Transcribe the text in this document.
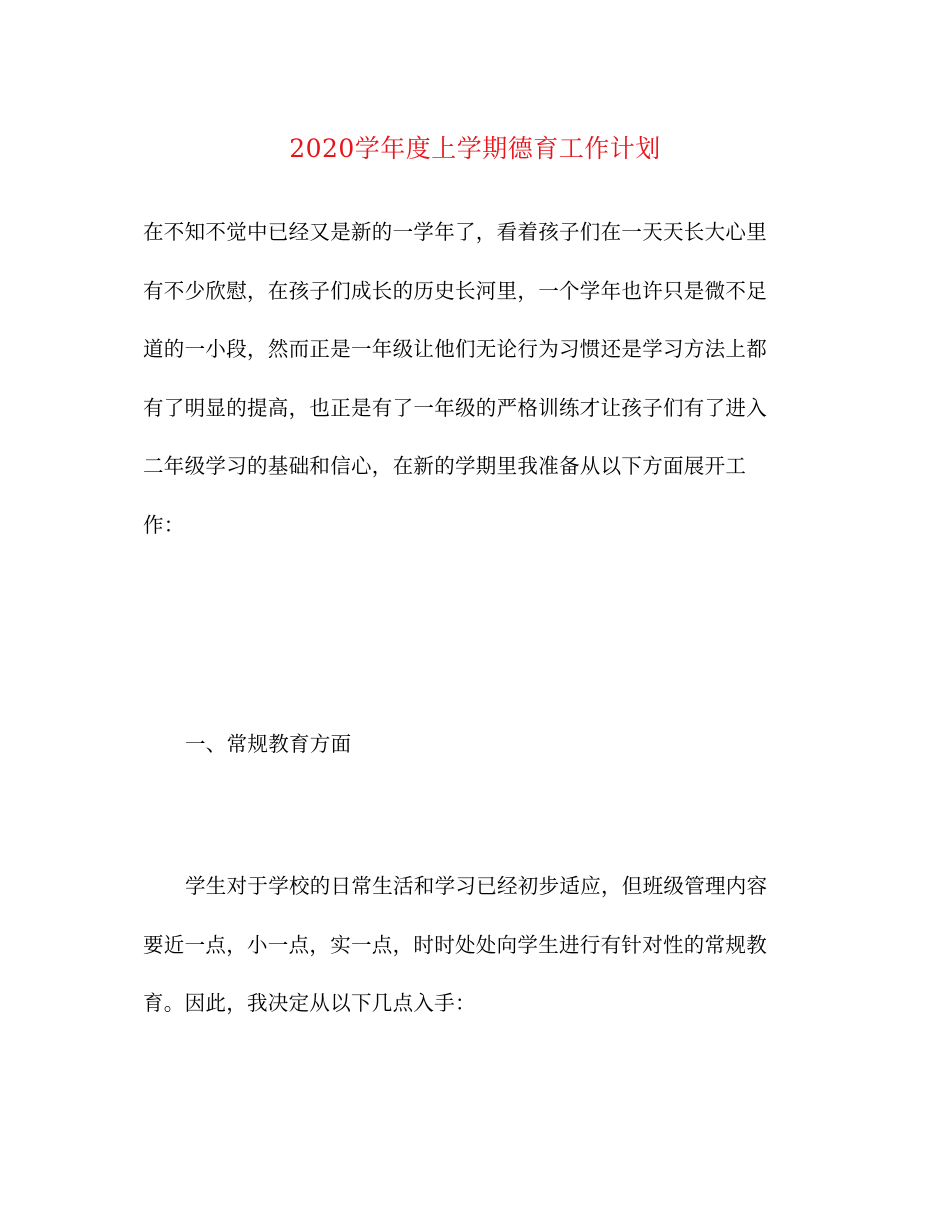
2020学年度上学期德育工作计划
在不知不觉中已经又是新的一学年了，看着孩子们在一天天长大心里
有不少欣慰，在孩子们成长的历史长河里，一个学年也许只是微不足
道的一小段，然而正是一年级让他们无论行为习惯还是学习方法上都
有了明显的提高，也正是有了一年级的严格训练才让孩子们有了进入
二年级学习的基础和信心，在新的学期里我准备从以下方面展开工
作：
一、常规教育方面
学生对于学校的日常生活和学习已经初步适应，但班级管理内容
要近一点，小一点，实一点，时时处处向学生进行有针对性的常规教
育。因此，我决定从以下几点入手：
